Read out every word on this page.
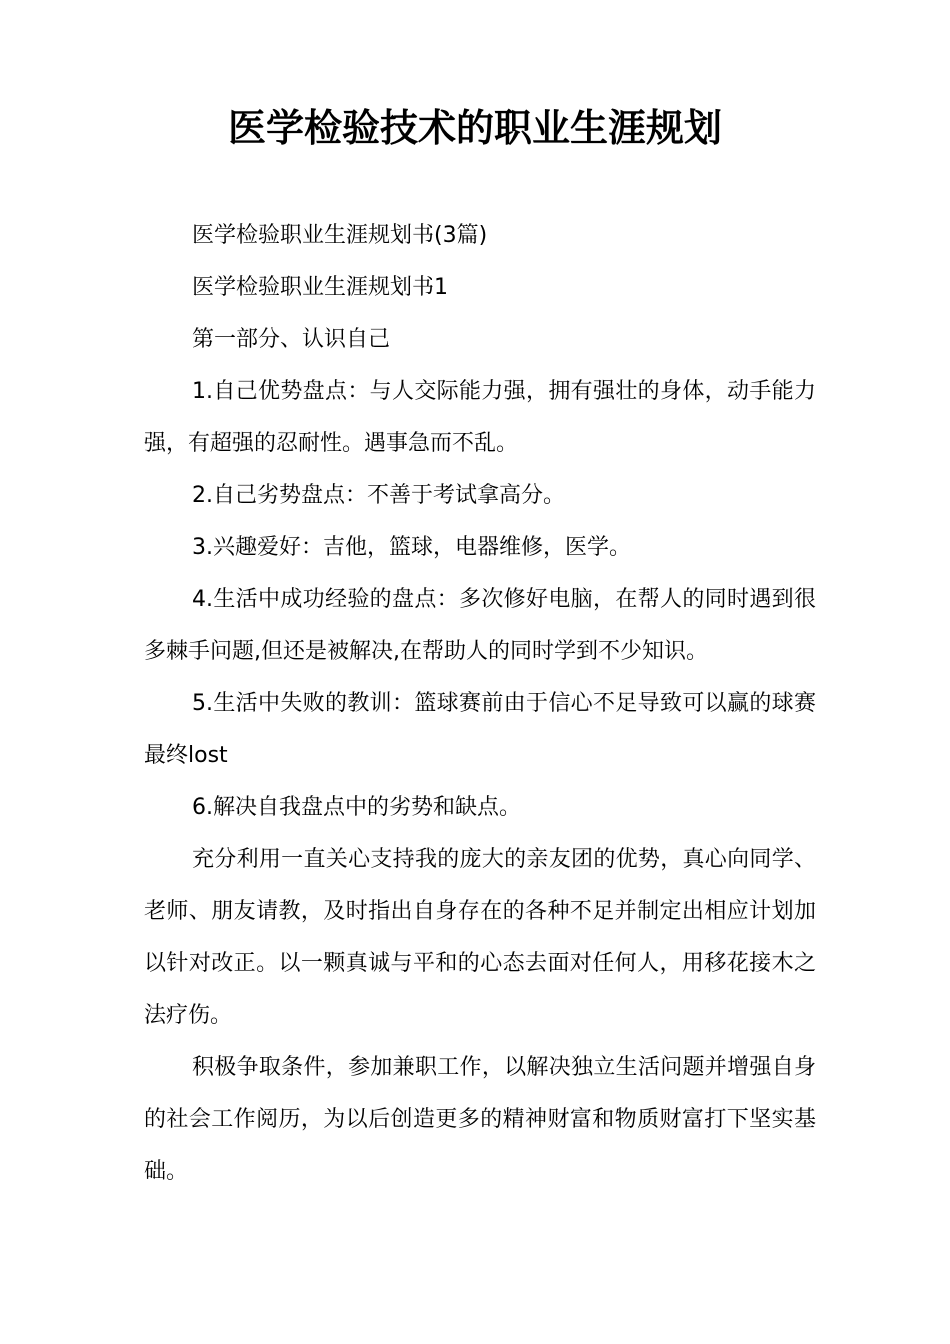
医学检验技术的职业生涯规划

医学检验职业生涯规划书(3篇)

医学检验职业生涯规划书1

第一部分、认识自己

1.自己优势盘点：与人交际能力强，拥有强壮的身体，动手能力强，有超强的忍耐性。遇事急而不乱。

2.自己劣势盘点：不善于考试拿高分。

3.兴趣爱好：吉他，篮球，电器维修，医学。

4.生活中成功经验的盘点：多次修好电脑，在帮人的同时遇到很多棘手问题,但还是被解决,在帮助人的同时学到不少知识。

5.生活中失败的教训：篮球赛前由于信心不足导致可以赢的球赛最终lost

6.解决自我盘点中的劣势和缺点。

充分利用一直关心支持我的庞大的亲友团的优势，真心向同学、老师、朋友请教，及时指出自身存在的各种不足并制定出相应计划加以针对改正。以一颗真诚与平和的心态去面对任何人，用移花接木之法疗伤。

积极争取条件，参加兼职工作，以解决独立生活问题并增强自身的社会工作阅历，为以后创造更多的精神财富和物质财富打下坚实基础。
